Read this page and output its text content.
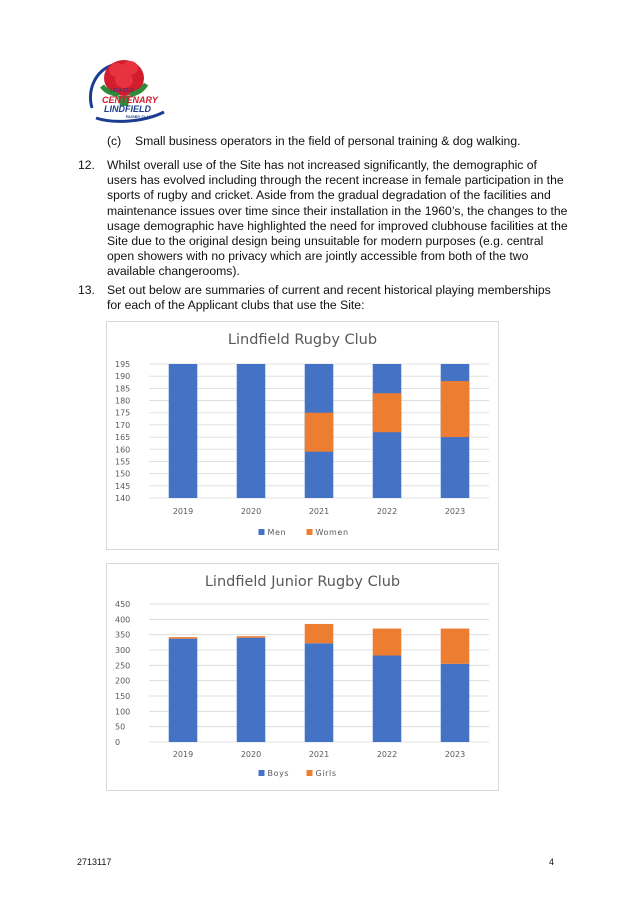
1919-2019
CENTENARY
LINDFIELD
RUGBY CLUB
(c) Small business operators in the field of personal training & dog walking.
12. Whilst overall use of the Site has not increased significantly, the demographic of users has evolved including through the recent increase in female participation in the sports of rugby and cricket. Aside from the gradual degradation of the facilities and maintenance issues over time since their installation in the 1960’s, the changes to the usage demographic have highlighted the need for improved clubhouse facilities at the Site due to the original design being unsuitable for modern purposes (e.g. central open showers with no privacy which are jointly accessible from both of the two available changerooms).
13. Set out below are summaries of current and recent historical playing memberships for each of the Applicant clubs that use the Site:
Lindfield Rugby Club
140
145
150
155
160
165
170
175
180
185
190
195
2019	2020	2021	2022	2023
Men	Women
Lindfield Junior Rugby Club
0
50
100
150
200
250
300
350
400
450
2019	2020	2021	2022	2023
Boys	Girls
2713117	4
